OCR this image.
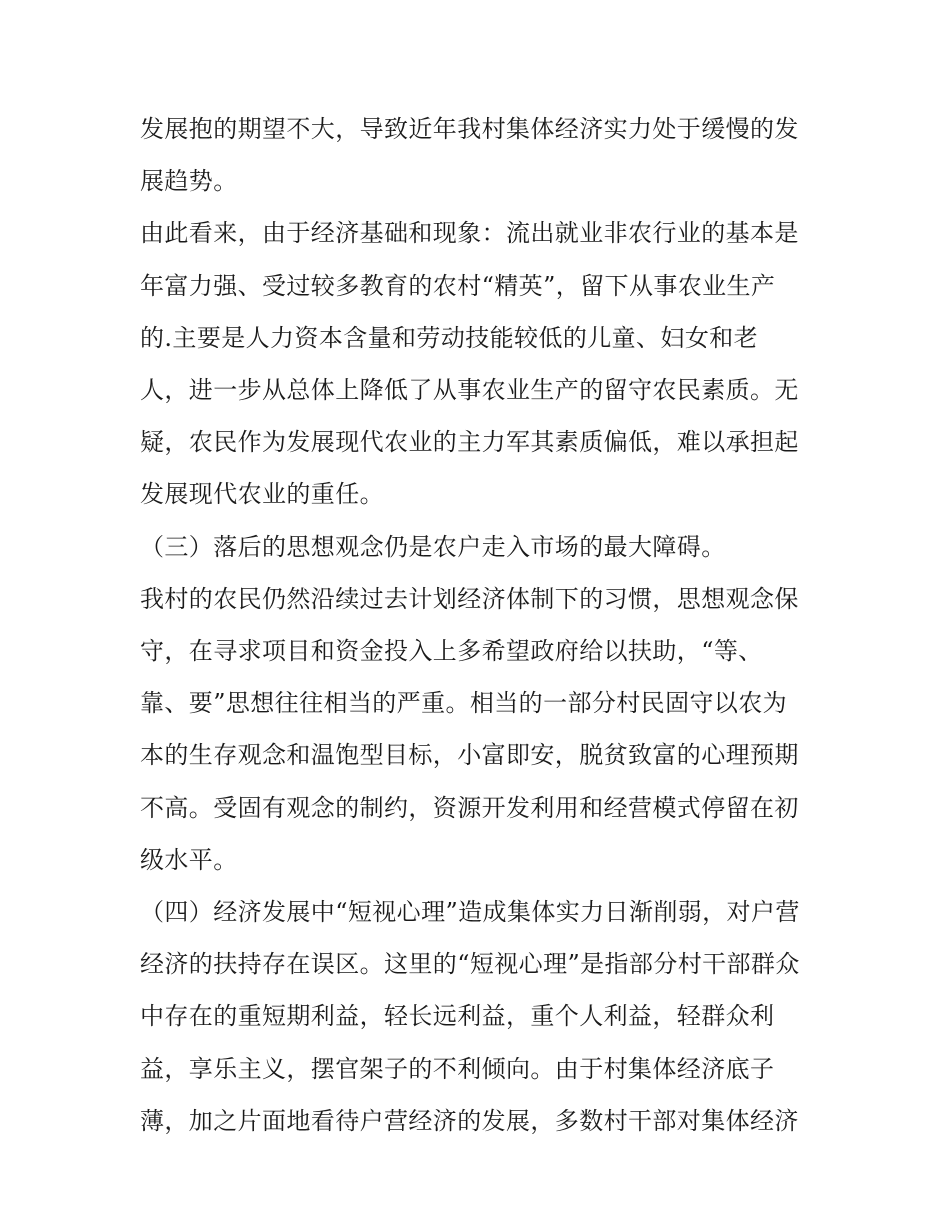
发展抱的期望不大，导致近年我村集体经济实力处于缓慢的发
展趋势。
由此看来，由于经济基础和现象：流出就业非农行业的基本是
年富力强、受过较多教育的农村“精英”，留下从事农业生产
的.主要是人力资本含量和劳动技能较低的儿童、妇女和老
人，进一步从总体上降低了从事农业生产的留守农民素质。无
疑，农民作为发展现代农业的主力军其素质偏低，难以承担起
发展现代农业的重任。
（三）落后的思想观念仍是农户走入市场的最大障碍。
我村的农民仍然沿续过去计划经济体制下的习惯，思想观念保
守，在寻求项目和资金投入上多希望政府给以扶助，“等、
靠、要”思想往往相当的严重。相当的一部分村民固守以农为
本的生存观念和温饱型目标，小富即安，脱贫致富的心理预期
不高。受固有观念的制约，资源开发利用和经营模式停留在初
级水平。
（四）经济发展中“短视心理”造成集体实力日渐削弱，对户营
经济的扶持存在误区。这里的“短视心理”是指部分村干部群众
中存在的重短期利益，轻长远利益，重个人利益，轻群众利
益，享乐主义，摆官架子的不利倾向。由于村集体经济底子
薄，加之片面地看待户营经济的发展，多数村干部对集体经济
